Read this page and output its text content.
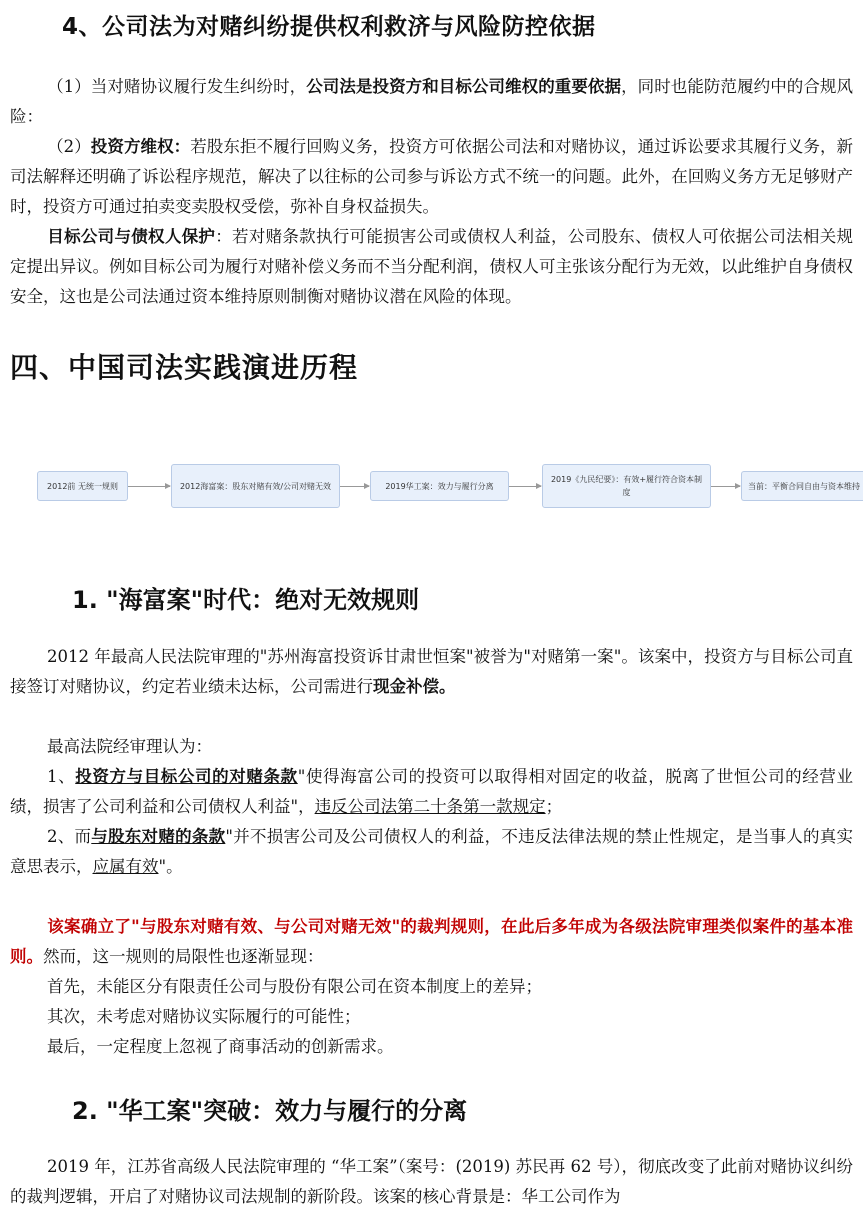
4、公司法为对赌纠纷提供权利救济与风险防控依据

（1）当对赌协议履行发生纠纷时，公司法是投资方和目标公司维权的重要依据，同时也能防范履约中的合规风险：

（2）投资方维权：若股东拒不履行回购义务，投资方可依据公司法和对赌协议，通过诉讼要求其履行义务，新司法解释还明确了诉讼程序规范，解决了以往标的公司参与诉讼方式不统一的问题。此外，在回购义务方无足够财产时，投资方可通过拍卖变卖股权受偿，弥补自身权益损失。

目标公司与债权人保护：若对赌条款执行可能损害公司或债权人利益，公司股东、债权人可依据公司法相关规定提出异议。例如目标公司为履行对赌补偿义务而不当分配利润，债权人可主张该分配行为无效，以此维护自身债权安全，这也是公司法通过资本维持原则制衡对赌协议潜在风险的体现。

四、中国司法实践演进历程
2012前 无统一规则	2012海富案：股东对赌有效/公司对赌无效	2019华工案：效力与履行分离
2019《九民纪要》：有效+履行符合资本制度
当前：平衡合同自由与资本维持
1. "海富案"时代：绝对无效规则

2012 年最高人民法院审理的"苏州海富投资诉甘肃世恒案"被誉为"对赌第一案"。该案中，投资方与目标公司直接签订对赌协议，约定若业绩未达标，公司需进行现金补偿。

最高法院经审理认为：

1、投资方与目标公司的对赌条款"使得海富公司的投资可以取得相对固定的收益，脱离了世恒公司的经营业绩，损害了公司利益和公司债权人利益"，违反公司法第二十条第一款规定；

2、而与股东对赌的条款"并不损害公司及公司债权人的利益，不违反法律法规的禁止性规定，是当事人的真实意思表示，应属有效"。

该案确立了"与股东对赌有效、与公司对赌无效"的裁判规则，在此后多年成为各级法院审理类似案件的基本准则。然而，这一规则的局限性也逐渐显现：

首先，未能区分有限责任公司与股份有限公司在资本制度上的差异；

其次，未考虑对赌协议实际履行的可能性；

最后，一定程度上忽视了商事活动的创新需求。

2. "华工案"突破：效力与履行的分离

2019 年，江苏省高级人民法院审理的 “华工案”（案号：(2019) 苏民再 62 号），彻底改变了此前对赌协议纠纷的裁判逻辑，开启了对赌协议司法规制的新阶段。该案的核心背景是：华工公司作为
